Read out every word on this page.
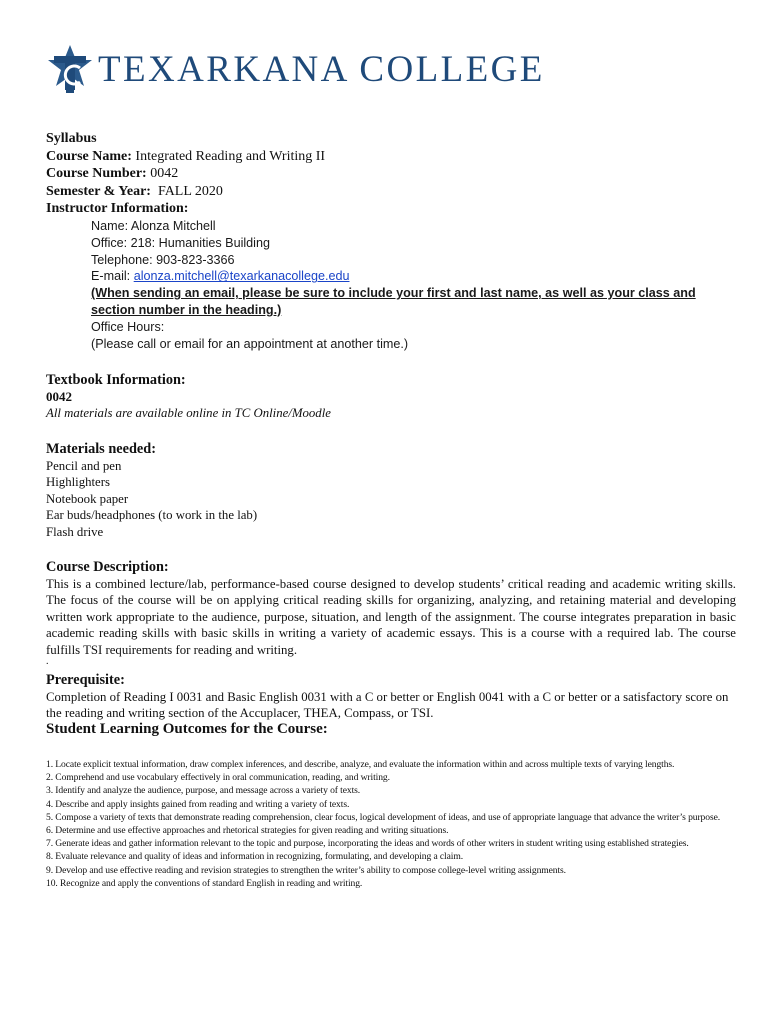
TEXARKANA COLLEGE
Syllabus
Course Name: Integrated Reading and Writing II
Course Number: 0042
Semester & Year: FALL 2020
Instructor Information:
Name: Alonza Mitchell
Office: 218: Humanities Building
Telephone: 903-823-3366
E-mail: alonza.mitchell@texarkanacollege.edu
(When sending an email, please be sure to include your first and last name, as well as your class and
section number in the heading.)
Office Hours:
(Please call or email for an appointment at another time.)
Textbook Information:
0042
All materials are available online in TC Online/Moodle
Materials needed:
Pencil and pen
Highlighters
Notebook paper
Ear buds/headphones (to work in the lab)
Flash drive
Course Description:

This is a combined lecture/lab, performance-based course designed to develop students’ critical reading and academic writing skills. The focus of the course will be on applying critical reading skills for organizing, analyzing, and retaining material and developing written work appropriate to the audience, purpose, situation, and length of the assignment. The course integrates preparation in basic academic reading skills with basic skills in writing a variety of academic essays. This is a course with a required lab. The course fulfills TSI requirements for reading and writing.

.
Prerequisite:

Completion of Reading I 0031 and Basic English 0031 with a C or better or English 0041 with a C or better or a satisfactory score on the reading and writing section of the Accuplacer, THEA, Compass, or TSI.

Student Learning Outcomes for the Course:
1. Locate explicit textual information, draw complex inferences, and describe, analyze, and evaluate the information within and across multiple texts of varying lengths.
2. Comprehend and use vocabulary effectively in oral communication, reading, and writing.
3. Identify and analyze the audience, purpose, and message across a variety of texts.
4. Describe and apply insights gained from reading and writing a variety of texts.
5. Compose a variety of texts that demonstrate reading comprehension, clear focus, logical development of ideas, and use of appropriate language that advance the writer’s purpose.
6. Determine and use effective approaches and rhetorical strategies for given reading and writing situations.
7. Generate ideas and gather information relevant to the topic and purpose, incorporating the ideas and words of other writers in student writing using established strategies.
8. Evaluate relevance and quality of ideas and information in recognizing, formulating, and developing a claim.
9. Develop and use effective reading and revision strategies to strengthen the writer’s ability to compose college-level writing assignments.
10. Recognize and apply the conventions of standard English in reading and writing.
